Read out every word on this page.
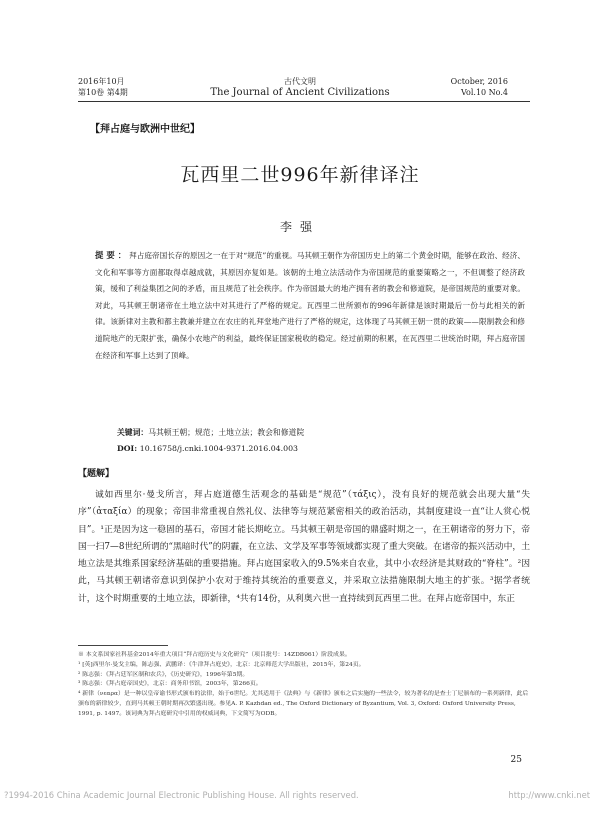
2016年10月
第10卷 第4期
古代文明
The Journal of Ancient Civilizations
October, 2016
Vol.10 No.4
【拜占庭与欧洲中世纪】
瓦西里二世996年新律译注
李强
提要：拜占庭帝国长存的原因之一在于对“规范”的重视。马其顿王朝作为帝国历史上的第二个黄金时期，能够在政治、经济、文化和军事等方面都取得卓越成就，其原因亦复如是。该朝的土地立法活动作为帝国规范的重要策略之一，不但调整了经济政策，缓和了利益集团之间的矛盾，而且规范了社会秩序。作为帝国最大的地产拥有者的教会和修道院，是帝国规范的重要对象。对此，马其顿王朝诸帝在土地立法中对其进行了严格的规定。瓦西里二世所颁布的996年新律是该时期最后一份与此相关的新律。该新律对主教和都主教兼并建立在农庄的礼拜堂地产进行了严格的规定，这体现了马其顿王朝一贯的政策——限制教会和修道院地产的无限扩张，确保小农地产的利益，最终保证国家税收的稳定。经过前期的积累，在瓦西里二世统治时期，拜占庭帝国在经济和军事上达到了顶峰。
关键词：马其顿王朝；规范；土地立法；教会和修道院
DOI: 10.16758/j.cnki.1004-9371.2016.04.003
【题解】

诚如西里尔·曼戈所言，拜占庭道德生活观念的基础是“规范”（τάξις），没有良好的规范就会出现大量“失序”（ἀταξία）的现象；帝国非常重视自然礼仪、法律等与规范紧密相关的政治活动，其制度建设一直“让人赏心悦目”。¹正是因为这一稳固的基石，帝国才能长期屹立。马其顿王朝是帝国的鼎盛时期之一，在王朝诸帝的努力下，帝国一扫7—8世纪所谓的“黑暗时代”的阴霾，在立法、文学及军事等领域都实现了重大突破。在诸帝的振兴活动中，土地立法是其维系国家经济基础的重要措施。拜占庭国家收入的9.5%来自农业，其中小农经济是其财政的“脊柱”。²因此，马其顿王朝诸帝意识到保护小农对于维持其统治的重要意义，并采取立法措施限制大地主的扩张。³据学者统计，这个时期重要的土地立法，即新律，⁴共有14份，从利奥六世一直持续到瓦西里二世。在拜占庭帝国中，东正

※ 本文系国家社科基金2014年重大项目“拜占庭历史与文化研究”（项目批号：14ZDB061）阶段成果。

¹ [英]西里尔·曼戈主编，陈志强、武鹏译：《牛津拜占庭史》，北京：北京师范大学出版社，2015年，第24页。

² 陈志强：《拜占廷军区制和农兵》，《历史研究》，1996年第5期。

³ 陈志强：《拜占庭帝国史》，北京：商务印书馆，2003年，第266页。

⁴ 新律（νεαρα）是一种以皇帝谕书形式颁布的法律，始于6世纪。尤其适用于《法典》与《新律》颁布之后实施的一些法令，较为著名的是查士丁尼颁布的一系列新律，此后颁布的新律较少，直到马其顿王朝时期再次繁盛出现。参见A. P. Kazhdan ed., The Oxford Dictionary of Byzantium, Vol. 3, Oxford: Oxford University Press, 1991, p. 1497。该词典为拜占庭研究中引用的权威词典，下文简写为ODB。

25
?1994-2016 China Academic Journal Electronic Publishing House. All rights reserved.	http://www.cnki.net
